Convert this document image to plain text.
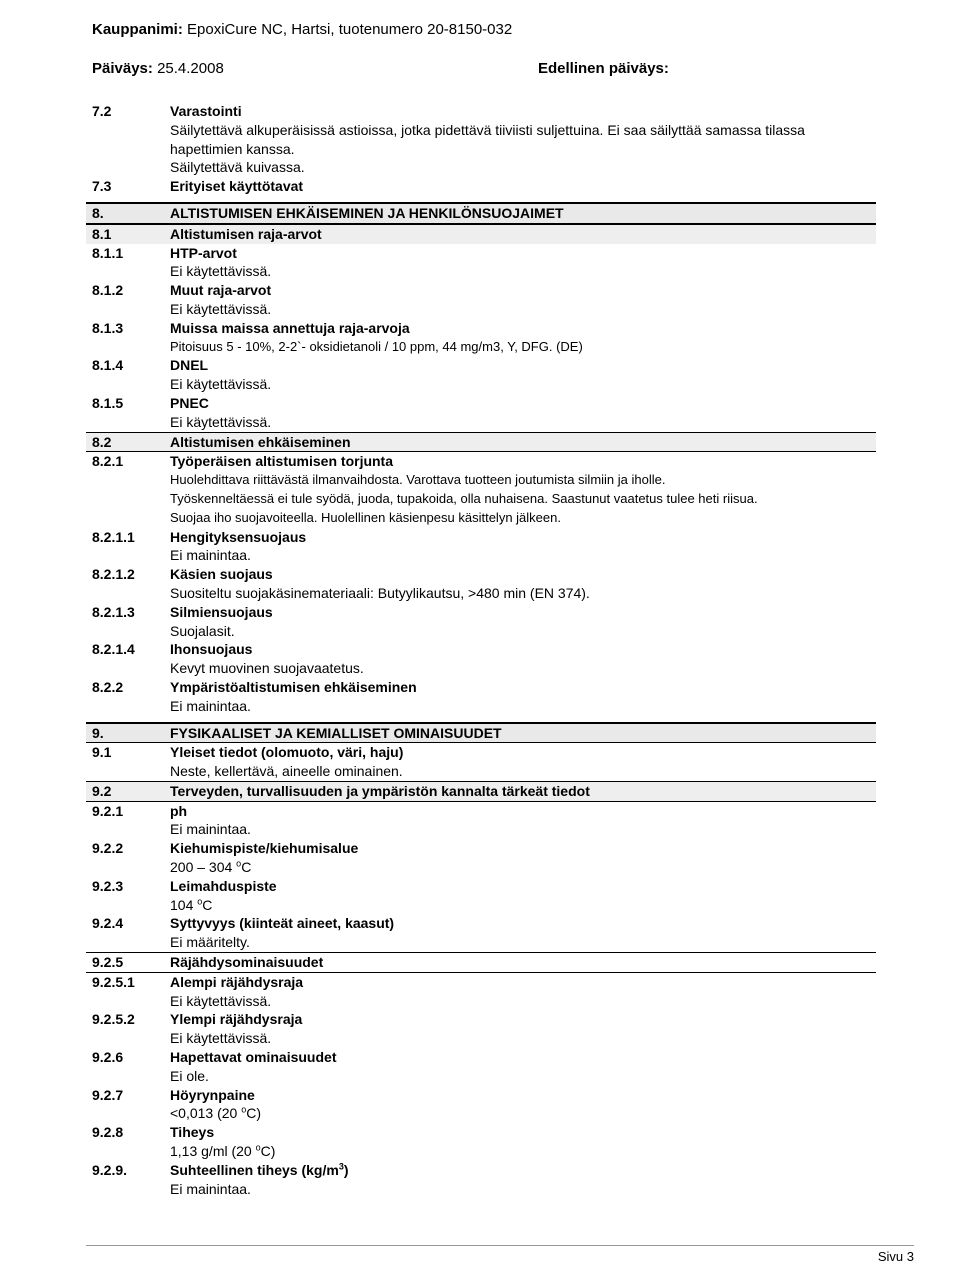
Kauppanimi: EpoxiCure NC, Hartsi, tuotenumero 20-8150-032
Päiväys: 25.4.2008	Edellinen päiväys:
7.2	Varastointi
Säilytettävä alkuperäisissä astioissa, jotka pidettävä tiiviisti suljettuina. Ei saa säilyttää samassa tilassa
hapettimien kanssa.
Säilytettävä kuivassa.
7.3	Erityiset käyttötavat
8.	ALTISTUMISEN EHKÄISEMINEN JA HENKILÖNSUOJAIMET
8.1	Altistumisen raja-arvot
8.1.1	HTP-arvot
Ei käytettävissä.
8.1.2	Muut raja-arvot
Ei käytettävissä.
8.1.3	Muissa maissa annettuja raja-arvoja
Pitoisuus 5 - 10%, 2-2`- oksidietanoli / 10 ppm, 44 mg/m3, Y, DFG. (DE)
8.1.4	DNEL
Ei käytettävissä.
8.1.5	PNEC
Ei käytettävissä.
8.2	Altistumisen ehkäiseminen
8.2.1	Työperäisen altistumisen torjunta
Huolehdittava riittävästä ilmanvaihdosta. Varottava tuotteen joutumista silmiin ja iholle.
Työskenneltäessä ei tule syödä, juoda, tupakoida, olla nuhaisena. Saastunut vaatetus tulee heti riisua.
Suojaa iho suojavoiteella. Huolellinen käsienpesu käsittelyn jälkeen.
8.2.1.1	Hengityksensuojaus
Ei mainintaa.
8.2.1.2	Käsien suojaus
Suositeltu suojakäsinemateriaali: Butyylikautsu, >480 min (EN 374).
8.2.1.3	Silmiensuojaus
Suojalasit.
8.2.1.4	Ihonsuojaus
Kevyt muovinen suojavaatetus.
8.2.2	Ympäristöaltistumisen ehkäiseminen
Ei mainintaa.
9.	FYSIKAALISET JA KEMIALLISET OMINAISUUDET
9.1	Yleiset tiedot (olomuoto, väri, haju)
Neste, kellertävä, aineelle ominainen.
9.2	Terveyden, turvallisuuden ja ympäristön kannalta tärkeät tiedot
9.2.1	ph
Ei mainintaa.
9.2.2	Kiehumispiste/kiehumisalue
200 – 304 $^o$C
9.2.3	Leimahduspiste
104 $^o$C
9.2.4	Syttyvyys (kiinteät aineet, kaasut)
Ei määritelty.
9.2.5	Räjähdysominaisuudet
9.2.5.1	Alempi räjähdysraja
Ei käytettävissä.
9.2.5.2	Ylempi räjähdysraja
Ei käytettävissä.
9.2.6	Hapettavat ominaisuudet
Ei ole.
9.2.7	Höyrynpaine
<0,013 (20 $^o$C)
9.2.8	Tiheys
1,13 g/ml (20 $^o$C)
9.2.9.	Suhteellinen tiheys $(kg/m^3)$
Ei mainintaa.
Sivu 3
